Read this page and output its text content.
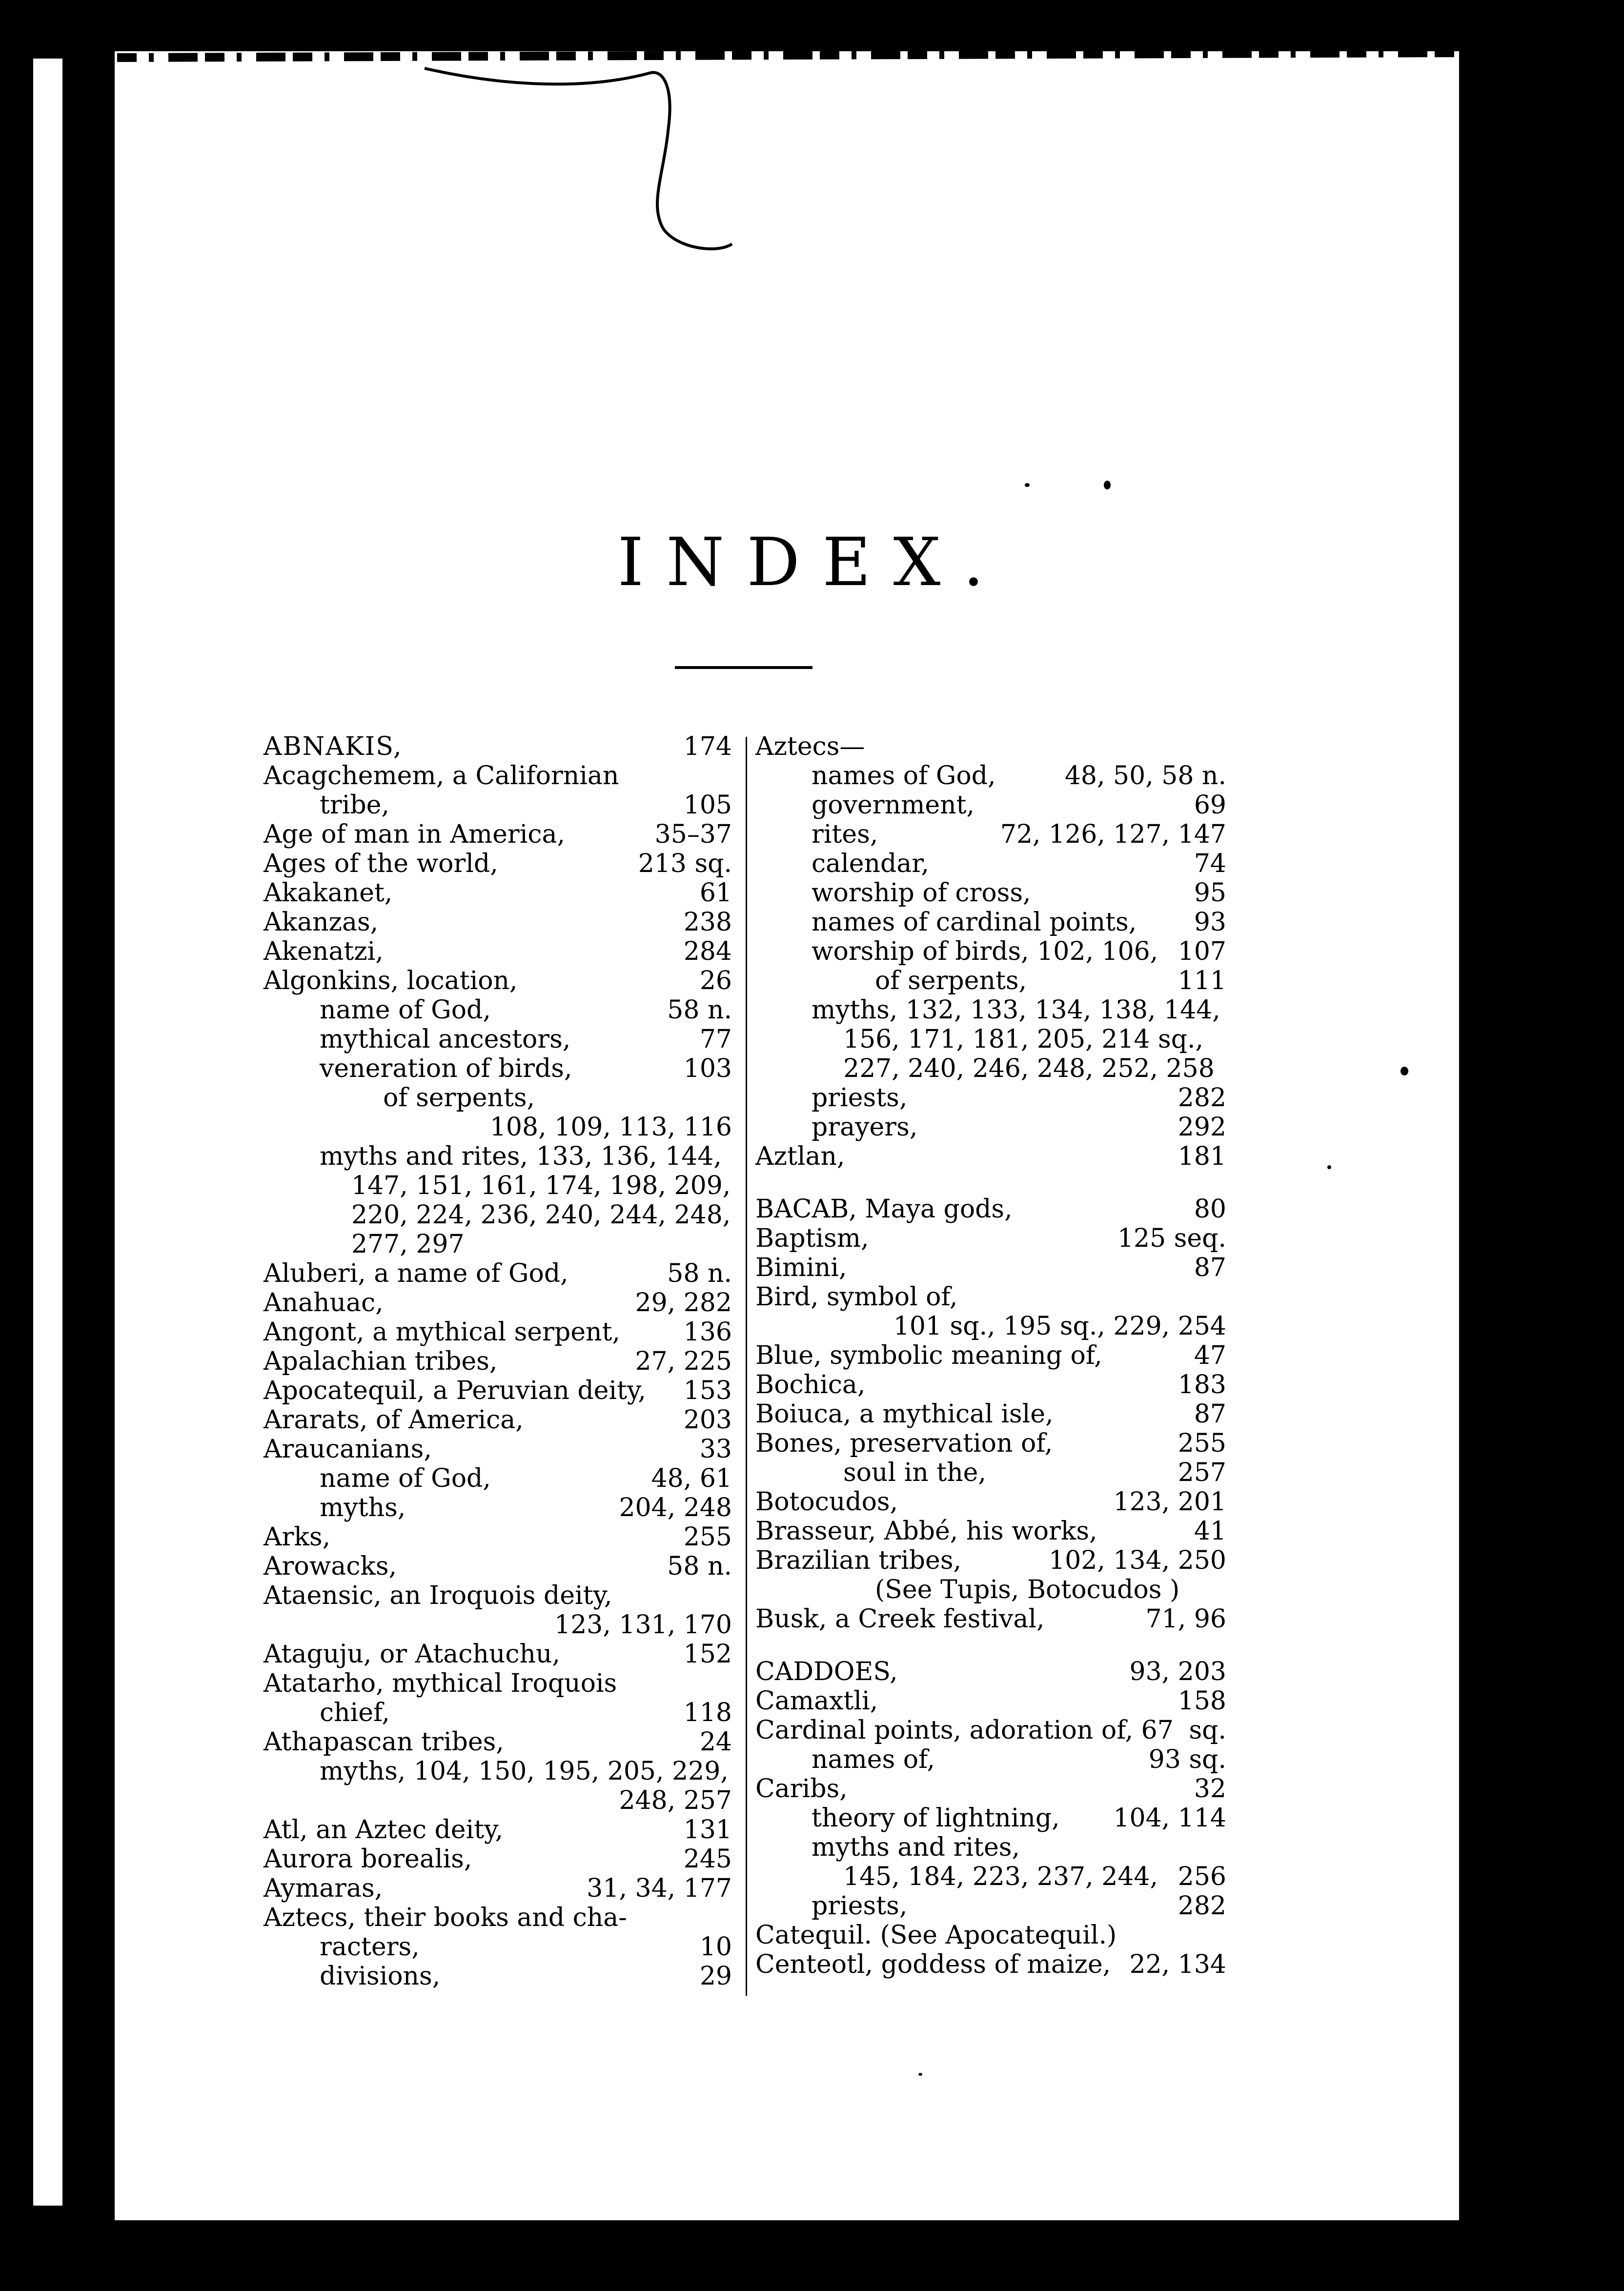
INDEX.
ABNAKIS,	174
Acagchemem, a Californian
tribe,	105
Age of man in America,	35–37
Ages of the world,	213 sq.
Akakanet,	61
Akanzas,	238
Akenatzi,	284
Algonkins, location,	26
name of God,	58 n.
mythical ancestors,	77
veneration of birds,	103
of serpents,
108, 109, 113, 116
myths and rites, 133, 136, 144,
147, 151, 161, 174, 198, 209,
220, 224, 236, 240, 244, 248,
277, 297
Aluberi, a name of God,	58 n.
Anahuac,	29, 282
Angont, a mythical serpent, 136
Apalachian tribes,	27, 225
Apocatequil, a Peruvian deity, 153
Ararats, of America,	203
Araucanians,	33
name of God,	48, 61
myths,	204, 248
Arks,	255
Arowacks,	58 n.
Ataensic, an Iroquois deity,
123, 131, 170
Ataguju, or Atachuchu,	152
Atatarho, mythical Iroquois
chief,	118
Athapascan tribes,	24
myths, 104, 150, 195, 205, 229,
248, 257
Atl, an Aztec deity,	131
Aurora borealis,	245
Aymaras,	31, 34, 177
Aztecs, their books and cha-
racters,	10
divisions,	29
Aztecs—
names of God,	48, 50, 58 n.
government,	69
rites,	72, 126, 127, 147
calendar,	74
worship of cross,	95
names of cardinal points, 93
worship of birds, 102, 106, 107
of serpents,	111
myths, 132, 133, 134, 138, 144,
156, 171, 181, 205, 214 sq.,
227, 240, 246, 248, 252, 258
priests,	282
prayers,	292
Aztlan,	181
BACAB, Maya gods,	80
Baptism,	125 seq.
Bimini,	87
Bird, symbol of,
101 sq., 195 sq., 229, 254
Blue, symbolic meaning of,	47
Bochica,	183
Boiuca, a mythical isle,	87
Bones, preservation of,	255
soul in the,	257
Botocudos,	123, 201
Brasseur, Abbé, his works,	41
Brazilian tribes,	102, 134, 250
(See Tupis, Botocudos )
Busk, a Creek festival,	71, 96
CADDOES,	93, 203
Camaxtli,	158
Cardinal points, adoration of, 67 sq.
names of,	93 sq.
Caribs,	32
theory of lightning, 104, 114
myths and rites,
145, 184, 223, 237, 244, 256
priests,	282
Catequil. (See Apocatequil.)
Centeotl, goddess of maize, 22, 134
